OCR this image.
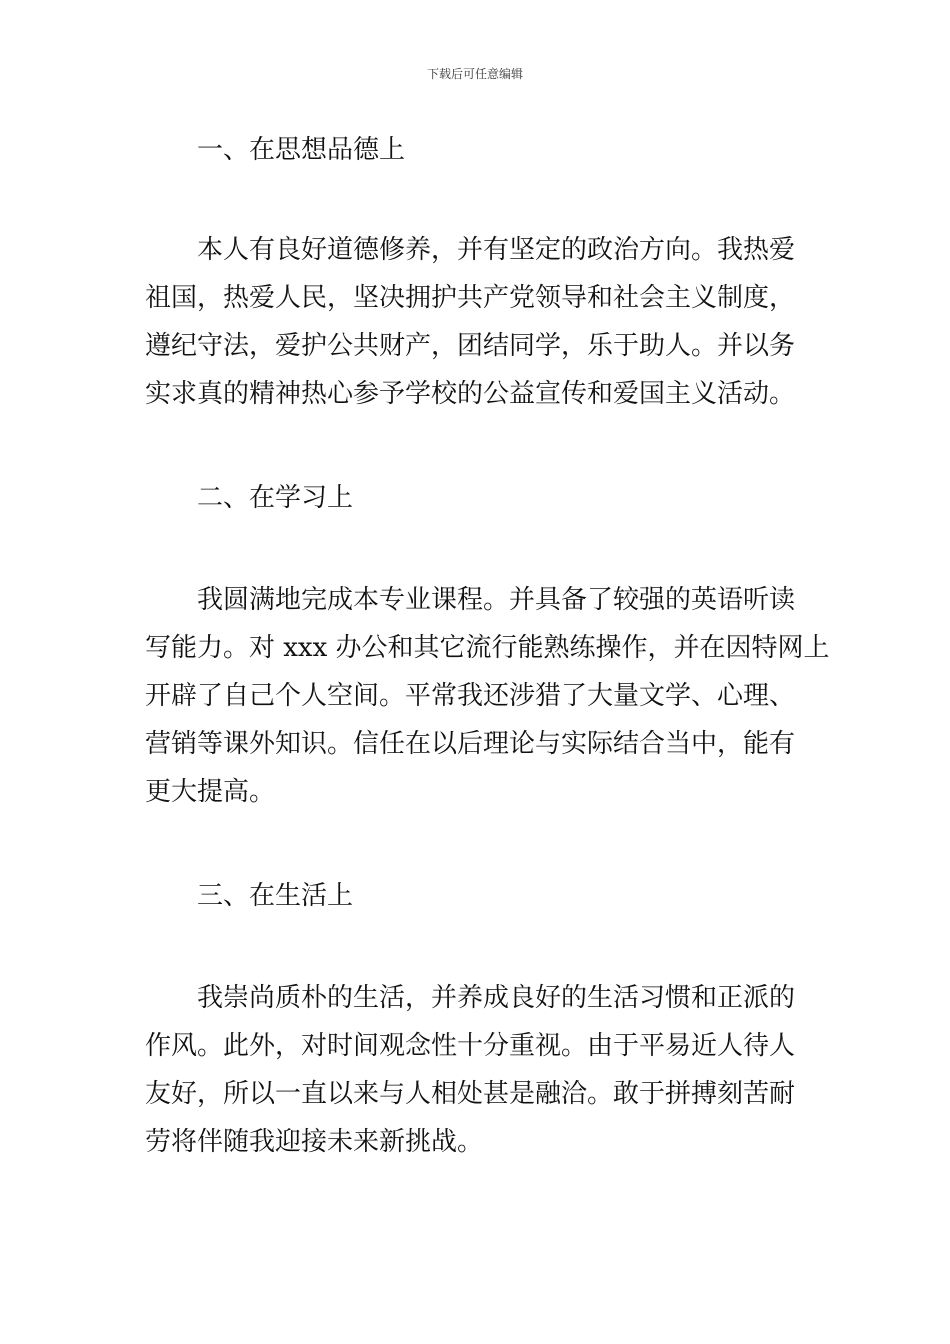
下载后可任意编辑
一、在思想品德上
本人有良好道德修养，并有坚定的政治方向。我热爱
祖国，热爱人民，坚决拥护共产党领导和社会主义制度，
遵纪守法，爱护公共财产，团结同学，乐于助人。并以务
实求真的精神热心参予学校的公益宣传和爱国主义活动。
二、在学习上
我圆满地完成本专业课程。并具备了较强的英语听读
写能力。对 xxx 办公和其它流行能熟练操作，并在因特网上
开辟了自己个人空间。平常我还涉猎了大量文学、心理、
营销等课外知识。信任在以后理论与实际结合当中，能有
更大提高。
三、在生活上
我崇尚质朴的生活，并养成良好的生活习惯和正派的
作风。此外，对时间观念性十分重视。由于平易近人待人
友好，所以一直以来与人相处甚是融洽。敢于拼搏刻苦耐
劳将伴随我迎接未来新挑战。
